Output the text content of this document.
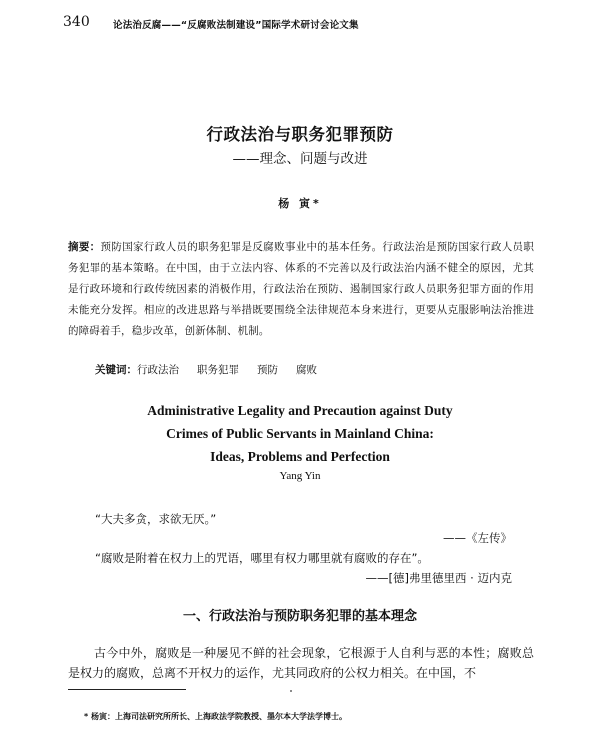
340 论法治反腐——“反腐败法制建设”国际学术研讨会论文集
行政法治与职务犯罪预防
——理念、问题与改进
杨 寅*
摘要：预防国家行政人员的职务犯罪是反腐败事业中的基本任务。行政法治是预防国家行政人员职务犯罪的基本策略。在中国，由于立法内容、体系的不完善以及行政法治内涵不健全的原因，尤其是行政环境和行政传统因素的消极作用，行政法治在预防、遏制国家行政人员职务犯罪方面的作用未能充分发挥。相应的改进思路与举措既要围绕全法律规范本身来进行，更要从克服影响法治推进的障碍着手，稳步改革，创新体制、机制。
关键词：行政法治 职务犯罪 预防 腐败
Administrative Legality and Precaution against Duty
Crimes of Public Servants in Mainland China:
Ideas, Problems and Perfection
Yang Yin
“大夫多贪，求欲无厌。”
——《左传》
“腐败是附着在权力上的咒语，哪里有权力哪里就有腐败的存在”。
——[德]弗里德里西 · 迈内克
一、行政法治与预防职务犯罪的基本理念
古今中外，腐败是一种屡见不鲜的社会现象，它根源于人自利与恶的本性；腐败总是权力的腐败，总离不开权力的运作，尤其同政府的公权力相关。在中国，不
* 杨寅：上海司法研究所所长、上海政法学院教授、墨尔本大学法学博士。
